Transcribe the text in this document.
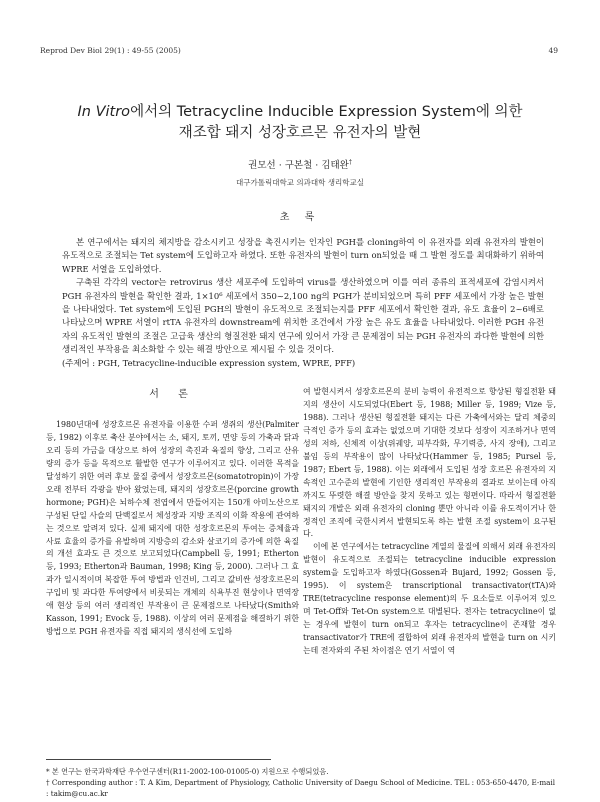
Reprod Dev Biol 29(1) : 49-55 (2005)	49
In Vitro에서의 Tetracycline Inducible Expression System에 의한
재조합 돼지 성장호르몬 유전자의 발현
권모선 · 구본철 · 김태완†
대구가톨릭대학교 의과대학 생리학교실
초 록

본 연구에서는 돼지의 체지방을 감소시키고 성장을 촉진시키는 인자인 PGH를 cloning하여 이 유전자를 외래 유전자의 발현이 유도적으로 조절되는 Tet system에 도입하고자 하였다. 또한 유전자의 발현이 turn on되었을 때 그 발현 정도를 최대화하기 위하여 WPRE 서열을 도입하였다.

구축된 각각의 vector는 retrovirus 생산 세포주에 도입하여 virus를 생산하였으며 이를 여러 종류의 표적세포에 감염시켜서 PGH 유전자의 발현을 확인한 결과, 1×10⁶ 세포에서 350~2,100 ng의 PGH가 분비되었으며 특히 PFF 세포에서 가장 높은 발현을 나타내었다. Tet system에 도입된 PGH의 발현이 유도적으로 조절되는지를 PFF 세포에서 확인한 결과, 유도 효율이 2~6배로 나타났으며 WPRE 서열이 rtTA 유전자의 downstream에 위치한 조건에서 가장 높은 유도 효율을 나타내었다. 이러한 PGH 유전자의 유도적인 발현의 조절은 고급육 생산의 형질전환 돼지 연구에 있어서 가장 큰 문제점이 되는 PGH 유전자의 과다한 발현에 의한 생리적인 부작용을 최소화할 수 있는 해결 방안으로 제시될 수 있을 것이다.

(주제어 : PGH, Tetracycline-inducible expression system, WPRE, PFF)

서 론

1980년대에 성장호르몬 유전자를 이용한 수퍼 생쥐의 생산(Palmiter 등, 1982) 이후로 축산 분야에서는 소, 돼지, 토끼, 면양 등의 가축과 닭과 오리 등의 가금을 대상으로 하여 성장의 촉진과 육질의 향상, 그리고 산유량의 증가 등을 목적으로 활발한 연구가 이루어지고 있다. 이러한 목적을 달성하기 위한 여러 후보 물질 중에서 성장호르몬(somatotropin)이 가장 오래 전부터 각광을 받아 왔었는데, 돼지의 성장호르몬(porcine growth hormone; PGH)은 뇌하수체 전엽에서 만들어지는 150개 아미노산으로 구성된 단일 사슬의 단백질로서 체성장과 지방 조직의 이화 작용에 관여하는 것으로 알려져 있다. 실제 돼지에 대한 성장호르몬의 투여는 증체율과 사료 효율의 증가를 유발하며 지방층의 감소와 살코기의 증가에 의한 육질의 개선 효과도 큰 것으로 보고되었다(Campbell 등, 1991; Etherton 등, 1993; Etherton과 Bauman, 1998; King 등, 2000). 그러나 그 효과가 일시적이며 복잡한 투여 방법과 인건비, 그리고 값비싼 성장호르몬의 구입비 및 과다한 투여량에서 비롯되는 개체의 식욕부진 현상이나 면역장애 현상 등의 여러 생리적인 부작용이 큰 문제점으로 나타났다(Smith와 Kasson, 1991; Evock 등, 1988). 이상의 여러 문제점을 해결하기 위한 방법으로 PGH 유전자를 직접 돼지의 생식선에 도입하

여 발현시켜서 성장호르몬의 분비 능력이 유전적으로 향상된 형질전환 돼지의 생산이 시도되었다(Ebert 등, 1988; Miller 등, 1989; Vize 등, 1988). 그러나 생산된 형질전환 돼지는 다른 가축에서와는 달리 체중의 극적인 증가 등의 효과는 없었으며 기대한 것보다 성장이 지조하거나 면역성의 저하, 신체적 이상(위궤양, 피부각화, 무기력증, 사지 장애), 그리고 불임 등의 부작용이 많이 나타났다(Hammer 등, 1985; Pursel 등, 1987; Ebert 등, 1988). 이는 외래에서 도입된 성장 호르몬 유전자의 지속적인 고수준의 발현에 기인한 생리적인 부작용의 결과로 보이는데 아직까지도 뚜렷한 해결 방안을 찾지 못하고 있는 형편이다. 따라서 형질전환 돼지의 개발은 외래 유전자의 cloning 뿐만 아니라 이를 유도적이거나 한정적인 조직에 국한시켜서 발현되도록 하는 발현 조절 system이 요구된다.

이에 본 연구에서는 tetracycline 계열의 물질에 의해서 외래 유전자의 발현이 유도적으로 조절되는 tetracycline inducible expression system을 도입하고자 하였다(Gossen과 Bujard, 1992; Gossen 등, 1995). 이 system은 transcriptional transactivator(tTA)와 TRE(tetracycline response element)의 두 요소들로 이루어져 있으며 Tet-Off와 Tet-On system으로 대별된다. 전자는 tetracycline이 없는 경우에 발현이 turn on되고 후자는 tetracycline이 존재할 경우 transactivator가 TRE에 결합하여 외래 유전자의 발현을 turn on 시키는데 전자와의 주된 차이점은 연기 서열이 역

* 본 연구는 한국과학재단 우수연구센터(R11-2002-100-01005-0) 지원으로 수행되었음.

† Corresponding author : T. A Kim, Department of Physiology, Catholic University of Daegu School of Medicine. TEL : 053-650-4470, E-mail : takim@cu.ac.kr
